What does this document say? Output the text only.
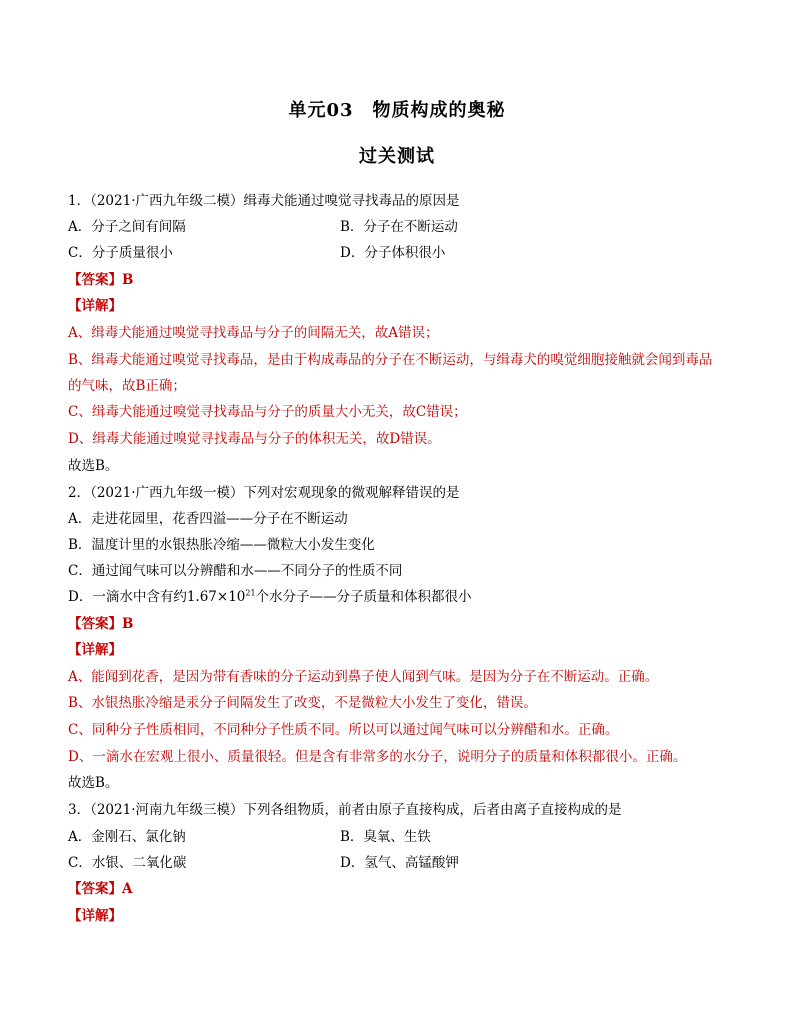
单元03　物质构成的奥秘
过关测试
1．（2021·广西九年级二模）缉毒犬能通过嗅觉寻找毒品的原因是
A．分子之间有间隔	B．分子在不断运动
C．分子质量很小	D．分子体积很小
【答案】B
【详解】
A、缉毒犬能通过嗅觉寻找毒品与分子的间隔无关，故A错误；
B、缉毒犬能通过嗅觉寻找毒品，是由于构成毒品的分子在不断运动，与缉毒犬的嗅觉细胞接触就会闻到毒品
的气味，故B正确；
C、缉毒犬能通过嗅觉寻找毒品与分子的质量大小无关，故C错误；
D、缉毒犬能通过嗅觉寻找毒品与分子的体积无关，故D错误。
故选B。
2．（2021·广西九年级一模）下列对宏观现象的微观解释错误的是
A．走进花园里，花香四溢——分子在不断运动
B．温度计里的水银热胀冷缩——微粒大小发生变化
C．通过闻气味可以分辨醋和水——不同分子的性质不同
D．一滴水中含有约$1.67\times 10^{21}$个水分子——分子质量和体积都很小
【答案】B
【详解】
A、能闻到花香，是因为带有香味的分子运动到鼻子使人闻到气味。是因为分子在不断运动。正确。
B、水银热胀冷缩是汞分子间隔发生了改变，不是微粒大小发生了变化，错误。
C、同种分子性质相同，不同种分子性质不同。所以可以通过闻气味可以分辨醋和水。正确。
D、一滴水在宏观上很小、质量很轻。但是含有非常多的水分子，说明分子的质量和体积都很小。正确。
故选B。
3．（2021·河南九年级三模）下列各组物质，前者由原子直接构成，后者由离子直接构成的是
A．金刚石、氯化钠	B．臭氧、生铁
C．水银、二氧化碳	D．氢气、高锰酸钾
【答案】A
【详解】
